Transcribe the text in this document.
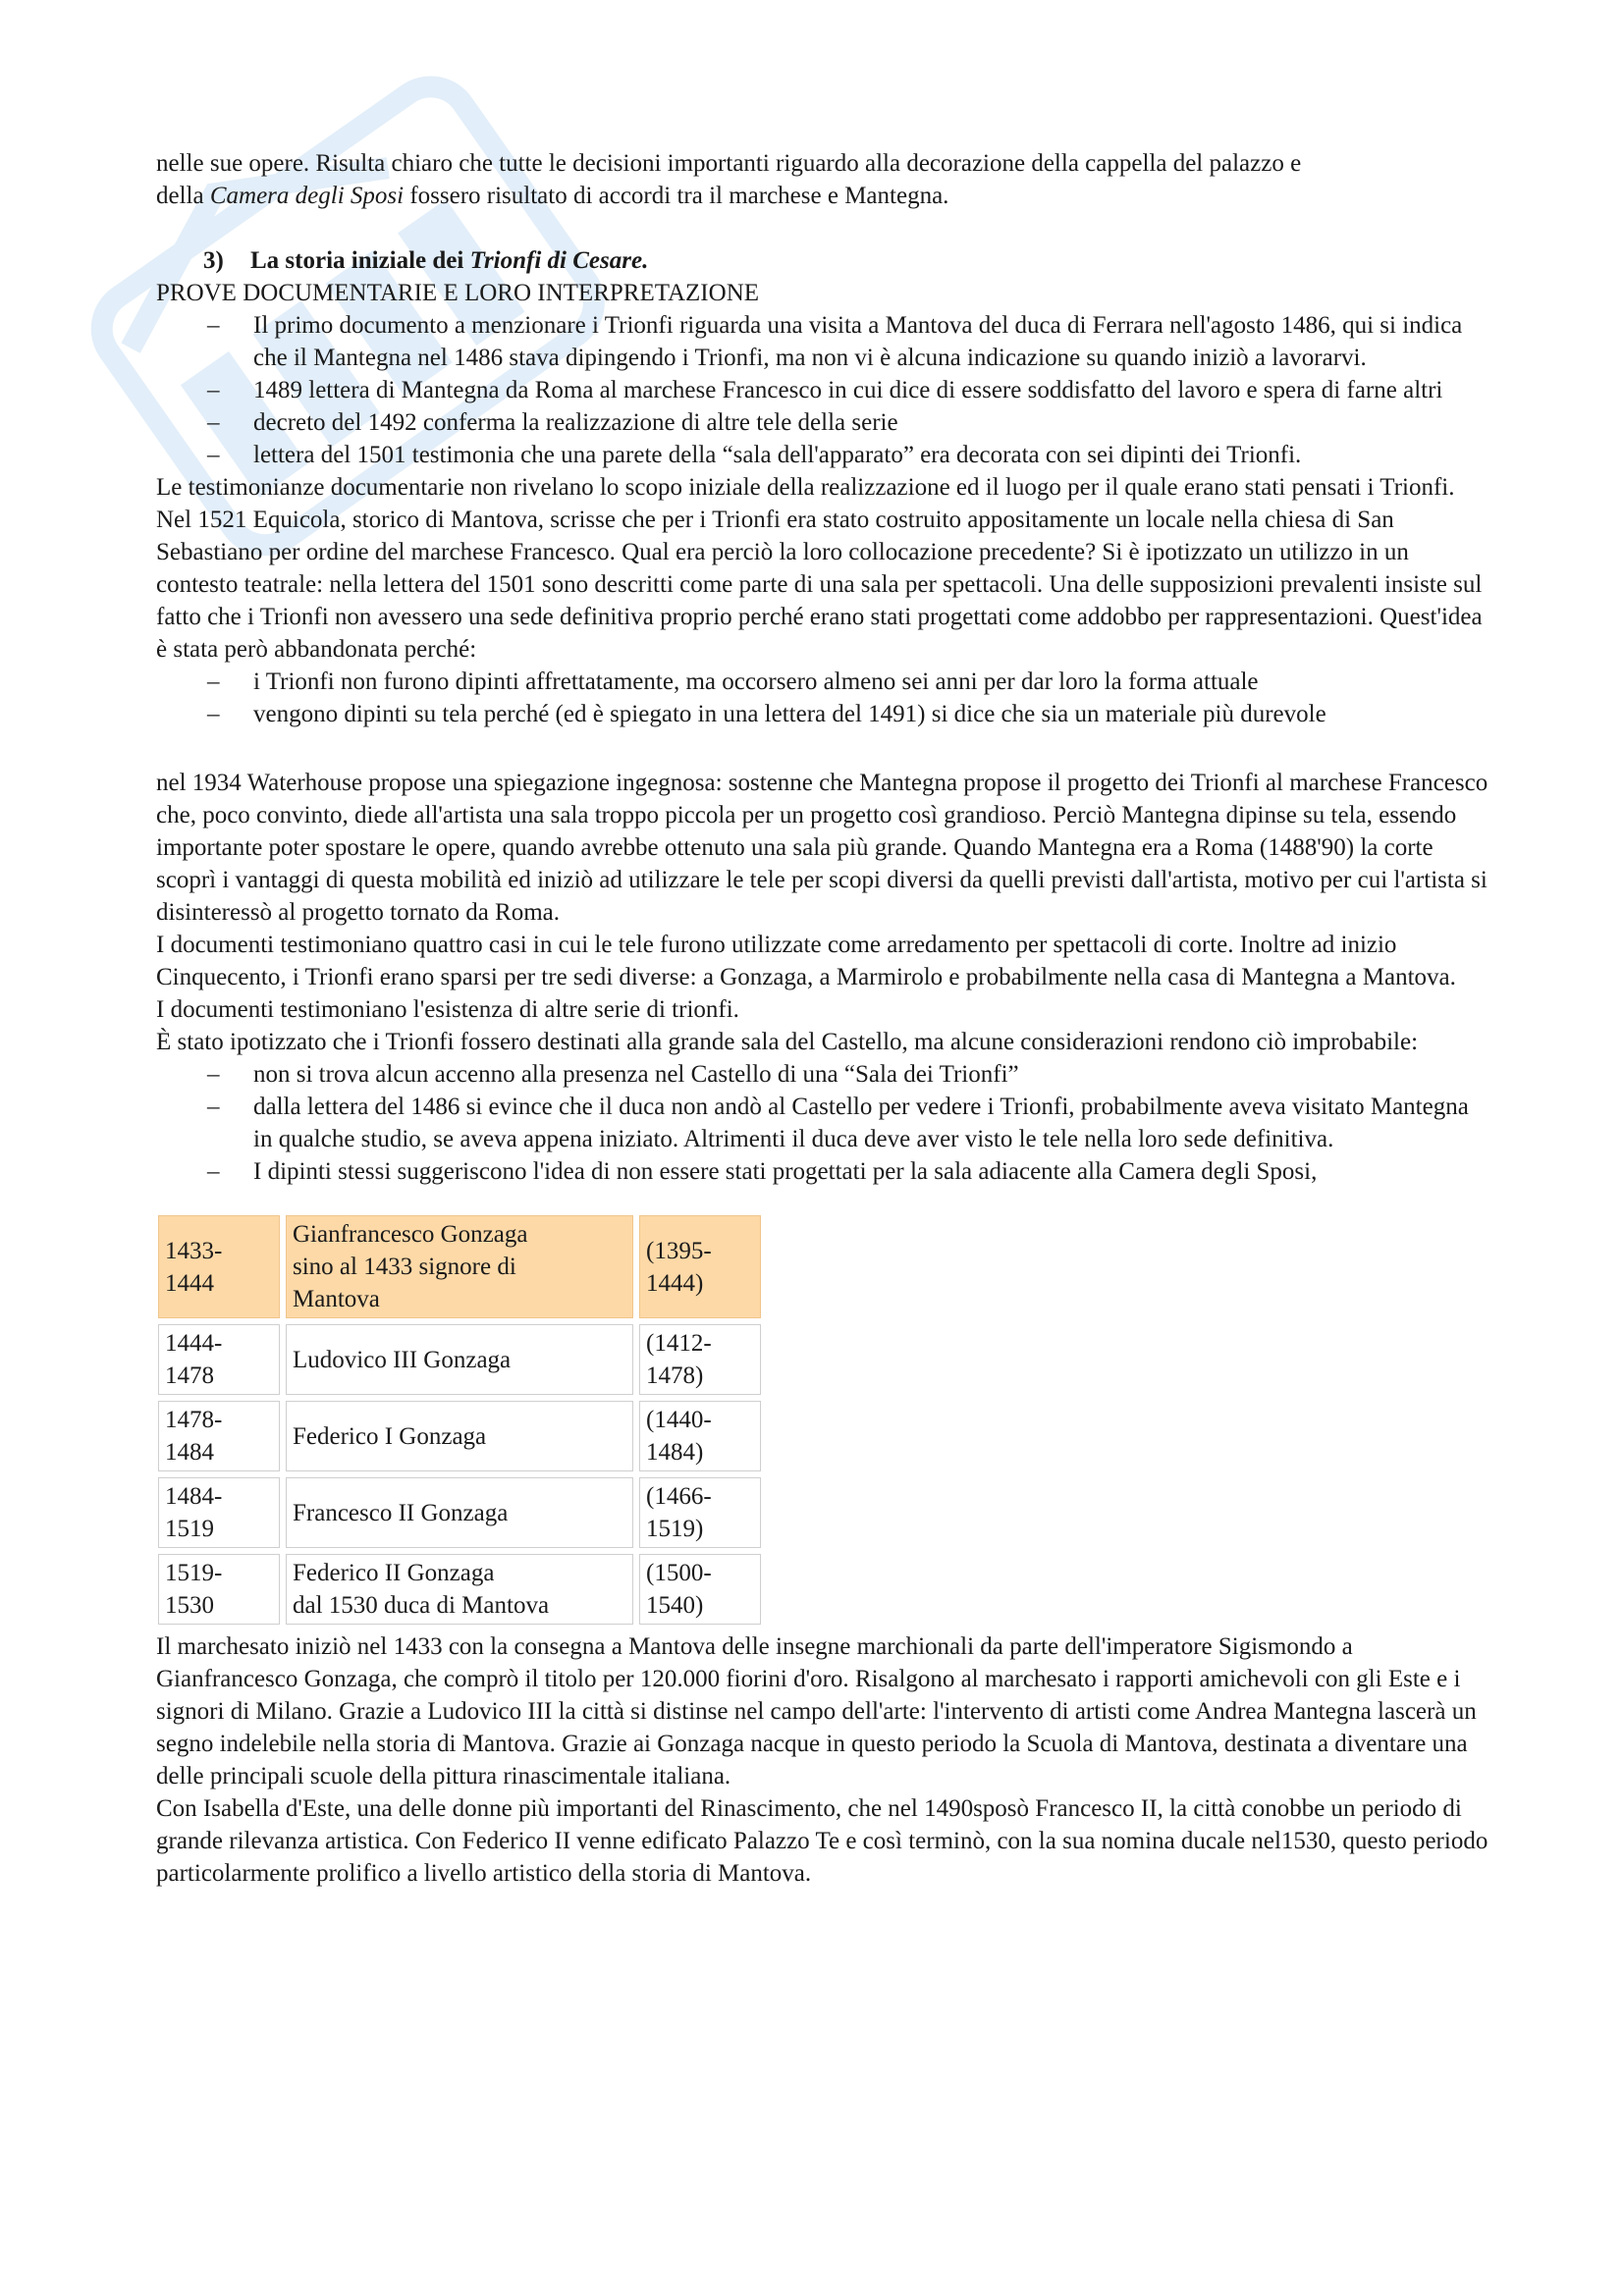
nelle sue opere. Risulta chiaro che tutte le decisioni importanti riguardo alla decorazione della cappella del palazzo e

della Camera degli Sposi fossero risultato di accordi tra il marchese e Mantegna.

3) La storia iniziale dei Trionfi di Cesare.

PROVE DOCUMENTARIE E LORO INTERPRETAZIONE

– Il primo documento a menzionare i Trionfi riguarda una visita a Mantova del duca di Ferrara nell'agosto 1486, qui si indica che il Mantegna nel 1486 stava dipingendo i Trionfi, ma non vi è alcuna indicazione su quando iniziò a lavorarvi.
– 1489 lettera di Mantegna da Roma al marchese Francesco in cui dice di essere soddisfatto del lavoro e spera di farne altri
– decreto del 1492 conferma la realizzazione di altre tele della serie
– lettera del 1501 testimonia che una parete della “sala dell'apparato” era decorata con sei dipinti dei Trionfi.

Le testimonianze documentarie non rivelano lo scopo iniziale della realizzazione ed il luogo per il quale erano stati pensati i Trionfi.

Nel 1521 Equicola, storico di Mantova, scrisse che per i Trionfi era stato costruito appositamente un locale nella chiesa di San Sebastiano per ordine del marchese Francesco. Qual era perciò la loro collocazione precedente? Si è ipotizzato un utilizzo in un contesto teatrale: nella lettera del 1501 sono descritti come parte di una sala per spettacoli. Una delle supposizioni prevalenti insiste sul fatto che i Trionfi non avessero una sede definitiva proprio perché erano stati progettati come addobbo per rappresentazioni. Quest'idea è stata però abbandonata perché:

– i Trionfi non furono dipinti affrettatamente, ma occorsero almeno sei anni per dar loro la forma attuale
– vengono dipinti su tela perché (ed è spiegato in una lettera del 1491) si dice che sia un materiale più durevole

nel 1934 Waterhouse propose una spiegazione ingegnosa: sostenne che Mantegna propose il progetto dei Trionfi al marchese Francesco che, poco convinto, diede all'artista una sala troppo piccola per un progetto così grandioso. Perciò Mantegna dipinse su tela, essendo importante poter spostare le opere, quando avrebbe ottenuto una sala più grande. Quando Mantegna era a Roma (1488'90) la corte scoprì i vantaggi di questa mobilità ed iniziò ad utilizzare le tele per scopi diversi da quelli previsti dall'artista, motivo per cui l'artista si disinteressò al progetto tornato da Roma.

I documenti testimoniano quattro casi in cui le tele furono utilizzate come arredamento per spettacoli di corte. Inoltre ad inizio Cinquecento, i Trionfi erano sparsi per tre sedi diverse: a Gonzaga, a Marmirolo e probabilmente nella casa di Mantegna a Mantova.

I documenti testimoniano l'esistenza di altre serie di trionfi.

È stato ipotizzato che i Trionfi fossero destinati alla grande sala del Castello, ma alcune considerazioni rendono ciò improbabile:

– non si trova alcun accenno alla presenza nel Castello di una “Sala dei Trionfi”
– dalla lettera del 1486 si evince che il duca non andò al Castello per vedere i Trionfi, probabilmente aveva visitato Mantegna in qualche studio, se aveva appena iniziato. Altrimenti il duca deve aver visto le tele nella loro sede definitiva.
– I dipinti stessi suggeriscono l'idea di non essere stati progettati per la sala adiacente alla Camera degli Sposi,
1433-
1444	Gianfrancesco Gonzaga
sino al 1433 signore di
Mantova	(1395-
1444)
1444-
1478	Ludovico III Gonzaga	(1412-
1478)
1478-
1484	Federico I Gonzaga	(1440-
1484)
1484-
1519	Francesco II Gonzaga	(1466-
1519)
1519-
1530	Federico II Gonzaga
dal 1530 duca di Mantova	(1500-
1540)

Il marchesato iniziò nel 1433 con la consegna a Mantova delle insegne marchionali da parte dell'imperatore Sigismondo a Gianfrancesco Gonzaga, che comprò il titolo per 120.000 fiorini d'oro. Risalgono al marchesato i rapporti amichevoli con gli Este e i signori di Milano. Grazie a Ludovico III la città si distinse nel campo dell'arte: l'intervento di artisti come Andrea Mantegna lascerà un segno indelebile nella storia di Mantova. Grazie ai Gonzaga nacque in questo periodo la Scuola di Mantova, destinata a diventare una delle principali scuole della pittura rinascimentale italiana.

Con Isabella d'Este, una delle donne più importanti del Rinascimento, che nel 1490sposò Francesco II, la città conobbe un periodo di grande rilevanza artistica. Con Federico II venne edificato Palazzo Te e così terminò, con la sua nomina ducale nel1530, questo periodo particolarmente prolifico a livello artistico della storia di Mantova.
